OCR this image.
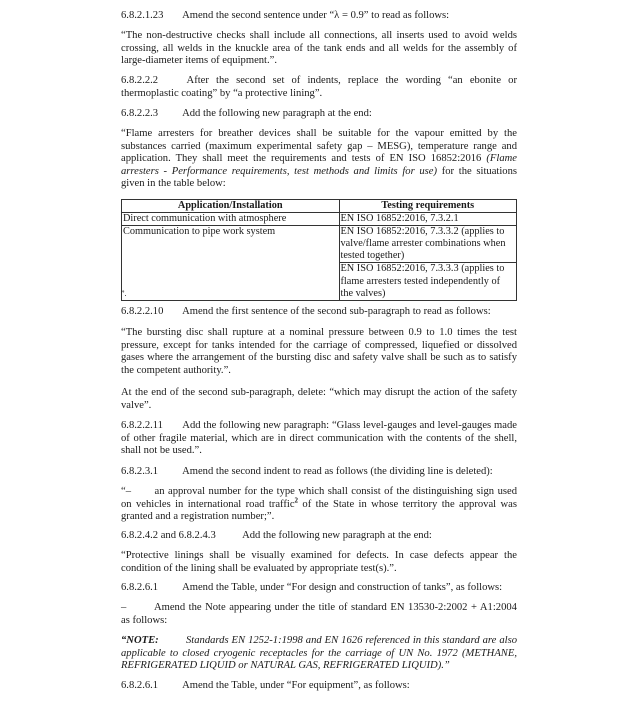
6.8.2.1.23 Amend the second sentence under “λ = 0.9” to read as follows:

“The non-destructive checks shall include all connections, all inserts used to avoid welds crossing, all welds in the knuckle area of the tank ends and all welds for the assembly of large-diameter items of equipment.”.

6.8.2.2.2	After the second set of indents, replace the wording “an ebonite or thermoplastic coating” by “a protective lining”.

6.8.2.2.3 Add the following new paragraph at the end:

“Flame arresters for breather devices shall be suitable for the vapour emitted by the substances carried (maximum experimental safety gap – MESG), temperature range and application. They shall meet the requirements and tests of EN ISO 16852:2016 (Flame arresters - Performance requirements, test methods and limits for use) for the situations given in the table below:

Application/Installation	Testing requirements
Direct communication with atmosphere	EN ISO 16852:2016, 7.3.2.1
Communication to pipe work system	EN ISO 16852:2016, 7.3.3.2 (applies to valve/flame arrester combinations when tested together)
	EN ISO 16852:2016, 7.3.3.3 (applies to flame arresters tested independently of the valves)

”.

6.8.2.2.10 Amend the first sentence of the second sub-paragraph to read as follows:

“The bursting disc shall rupture at a nominal pressure between 0.9 to 1.0 times the test pressure, except for tanks intended for the carriage of compressed, liquefied or dissolved gases where the arrangement of the bursting disc and safety valve shall be such as to satisfy the competent authority.”.

At the end of the second sub-paragraph, delete: “which may disrupt the action of the safety valve”.

6.8.2.2.11 Add the following new paragraph: “Glass level-gauges and level-gauges made of other fragile material, which are in direct communication with the contents of the shell, shall not be used.”.

6.8.2.3.1 Amend the second indent to read as follows (the dividing line is deleted):

“– an approval number for the type which shall consist of the distinguishing sign used on vehicles in international road traffic$^2$ of the State in whose territory the approval was granted and a registration number;”.

6.8.2.4.2 and 6.8.2.4.3 Add the following new paragraph at the end:

“Protective linings shall be visually examined for defects. In case defects appear the condition of the lining shall be evaluated by appropriate test(s).”.

6.8.2.6.1 Amend the Table, under “For design and construction of tanks”, as follows:

–	Amend the Note appearing under the title of standard EN 13530-2:2002 + A1:2004 as follows:

“NOTE:	Standards EN 1252-1:1998 and EN 1626 referenced in this standard are also applicable to closed cryogenic receptacles for the carriage of UN No. 1972 (METHANE, REFRIGERATED LIQUID or NATURAL GAS, REFRIGERATED LIQUID).”

6.8.2.6.1 Amend the Table, under “For equipment”, as follows:
